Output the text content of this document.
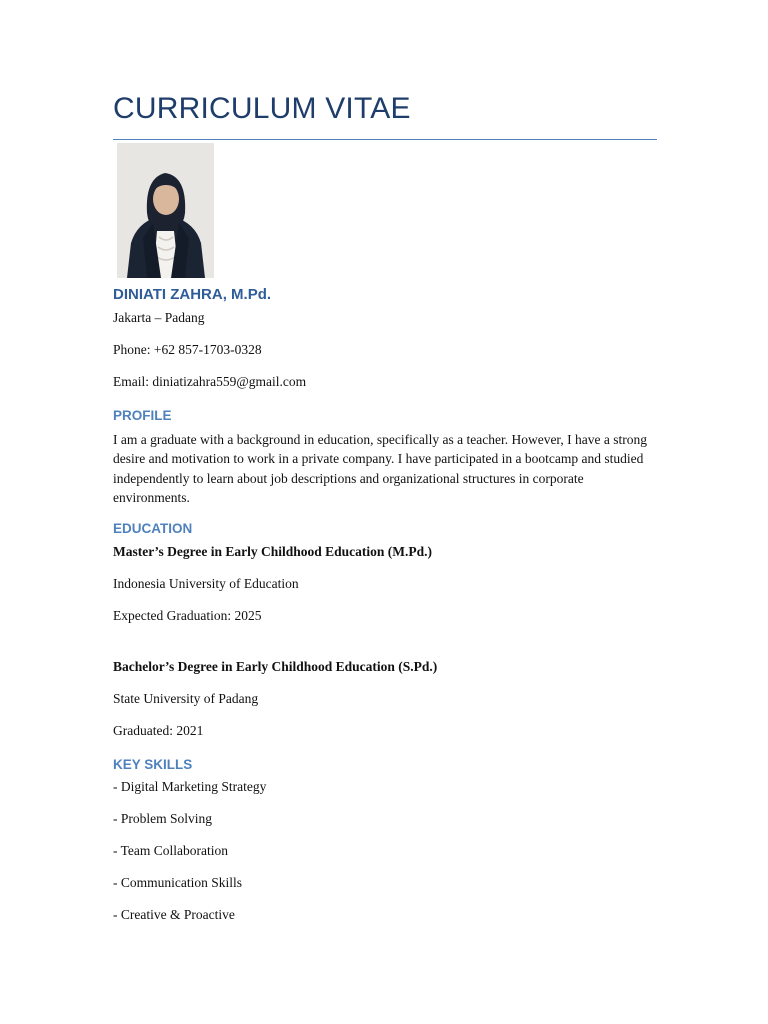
CURRICULUM VITAE
DINIATI ZAHRA, M.Pd.
Jakarta – Padang
Phone: +62 857-1703-0328
Email: diniatizahra559@gmail.com
PROFILE
I am a graduate with a background in education, specifically as a teacher. However, I have a strong desire and motivation to work in a private company. I have participated in a bootcamp and studied independently to learn about job descriptions and organizational structures in corporate environments.
EDUCATION
Master’s Degree in Early Childhood Education (M.Pd.)
Indonesia University of Education
Expected Graduation: 2025
Bachelor’s Degree in Early Childhood Education (S.Pd.)
State University of Padang
Graduated: 2021
KEY SKILLS
- Digital Marketing Strategy
- Problem Solving
- Team Collaboration
- Communication Skills
- Creative & Proactive
